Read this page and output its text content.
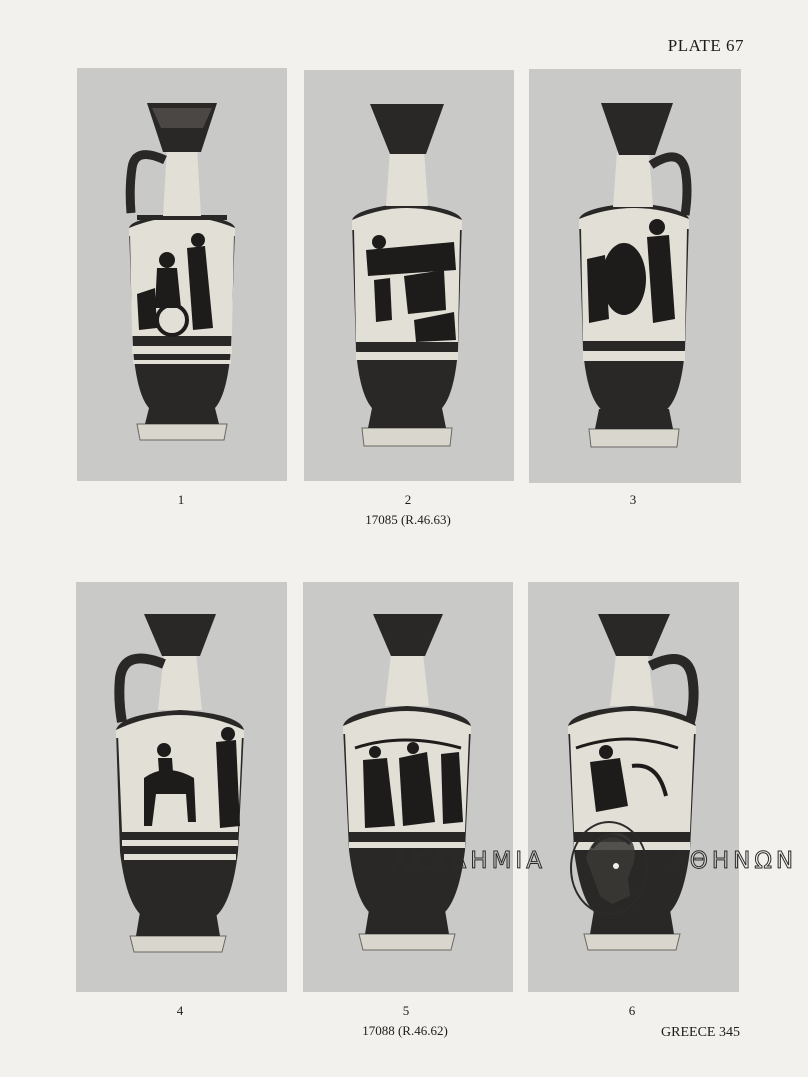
PLATE 67
1	2	3
17085 (R.46.63)
4	5	6
17088 (R.46.62)	GREECE 345
ΑΚΑΔΗΜΙΑ	ΑΘΗΝΩΝ
